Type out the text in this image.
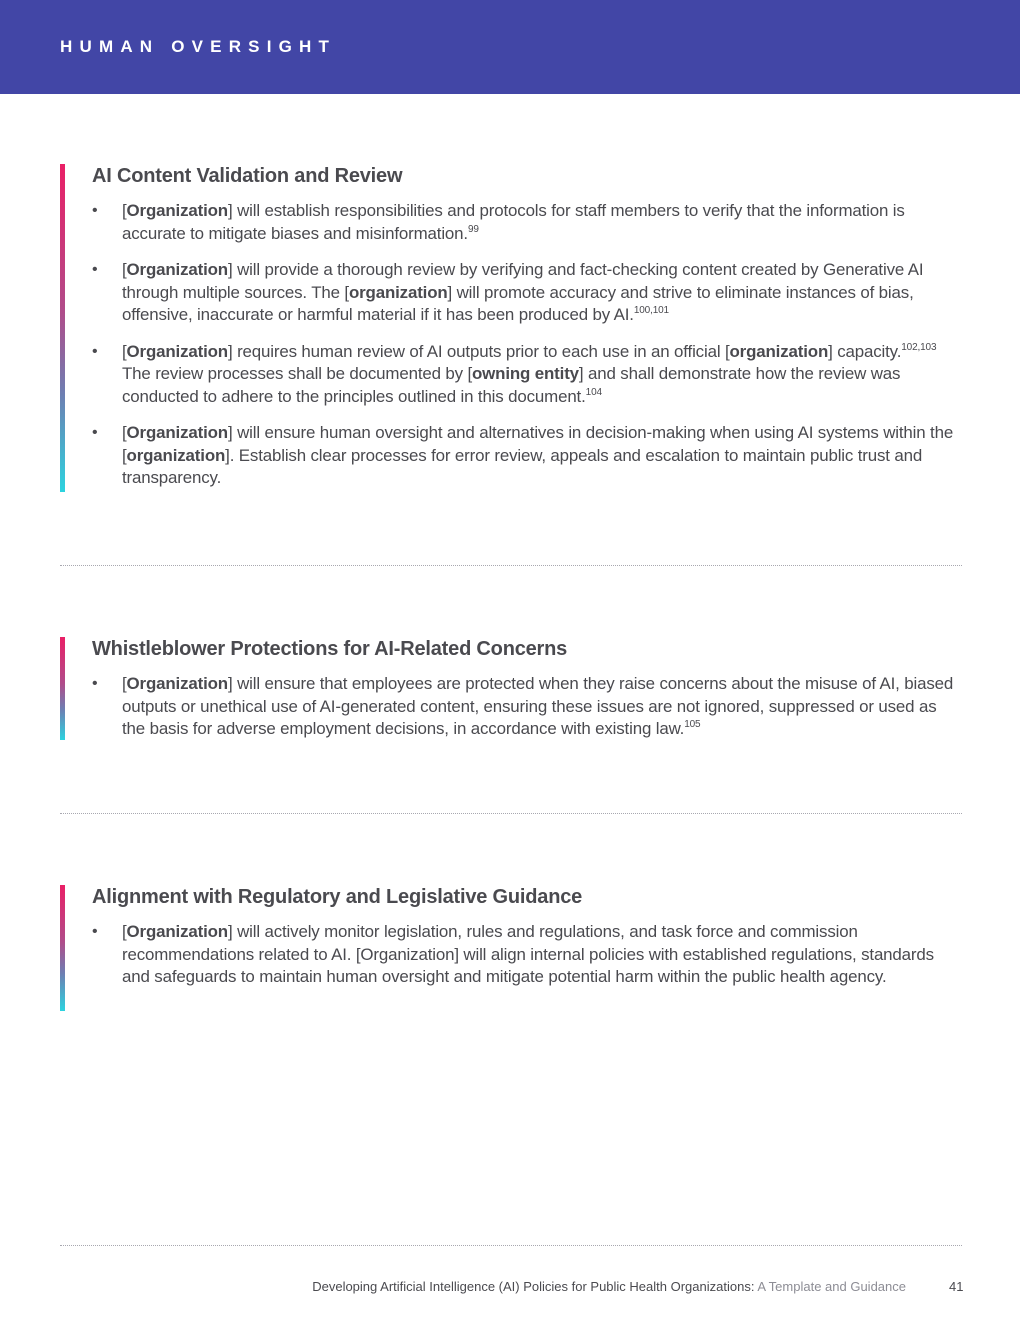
HUMAN OVERSIGHT
AI Content Validation and Review
• [Organization] will establish responsibilities and protocols for staff members to verify that the information is accurate to mitigate biases and misinformation.$^{99}$
• [Organization] will provide a thorough review by verifying and fact-checking content created by Generative AI through multiple sources. The [organization] will promote accuracy and strive to eliminate instances of bias, offensive, inaccurate or harmful material if it has been produced by AI.$^{100,101}$
• [Organization] requires human review of AI outputs prior to each use in an official [organization] capacity.$^{102,103}$ The review processes shall be documented by [owning entity] and shall demonstrate how the review was conducted to adhere to the principles outlined in this document.$^{104}$
• [Organization] will ensure human oversight and alternatives in decision-making when using AI systems within the [organization]. Establish clear processes for error review, appeals and escalation to maintain public trust and transparency.
Whistleblower Protections for AI-Related Concerns
• [Organization] will ensure that employees are protected when they raise concerns about the misuse of AI, biased outputs or unethical use of AI-generated content, ensuring these issues are not ignored, suppressed or used as the basis for adverse employment decisions, in accordance with existing law.$^{105}$
Alignment with Regulatory and Legislative Guidance
• [Organization] will actively monitor legislation, rules and regulations, and task force and commission recommendations related to AI. [Organization] will align internal policies with established regulations, standards and safeguards to maintain human oversight and mitigate potential harm within the public health agency.
Developing Artificial Intelligence (AI) Policies for Public Health Organizations: A Template and Guidance	41
